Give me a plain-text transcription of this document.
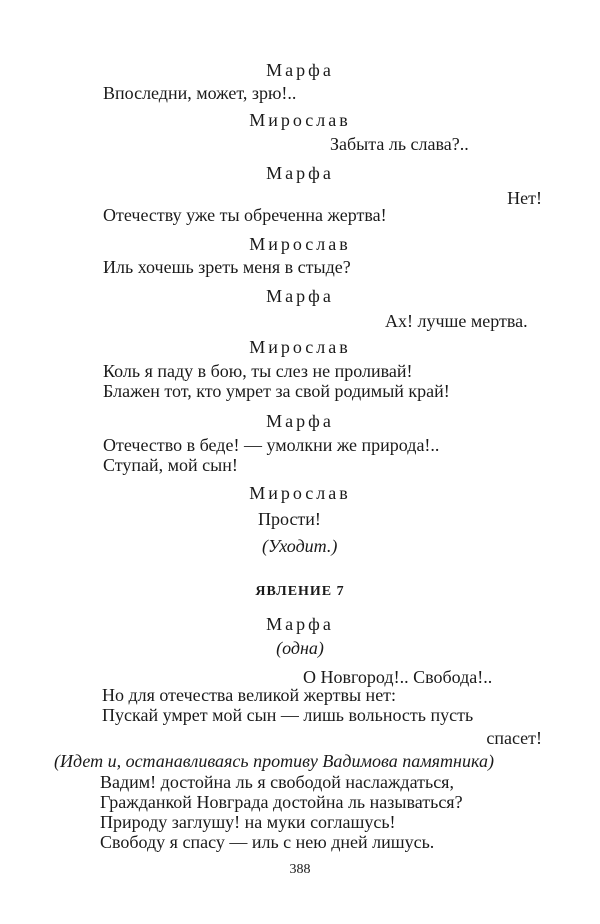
Марфа
Впоследни, может, зрю!..
Мирослав
Забыта ль слава?..
Марфа
Нет!
Отечеству уже ты обреченна жертва!
Мирослав
Иль хочешь зреть меня в стыде?
Марфа
Ах! лучше мертва.
Мирослав
Коль я паду в бою, ты слез не проливай!
Блажен тот, кто умрет за свой родимый край!
Марфа
Отечество в беде! — умолкни же природа!..
Ступай, мой сын!
Мирослав
Прости!
(Уходит.)
ЯВЛЕНИЕ 7
Марфа
(одна)
О Новгород!.. Свобода!..
Но для отечества великой жертвы нет:
Пускай умрет мой сын — лишь вольность пусть
спасет!
(Идет и, останавливаясь противу Вадимова памятника)
Вадим! достойна ль я свободой наслаждаться,
Гражданкой Новграда достойна ль называться?
Природу заглушу! на муки соглашусь!
Свободу я спасу — иль с нею дней лишусь.
388
